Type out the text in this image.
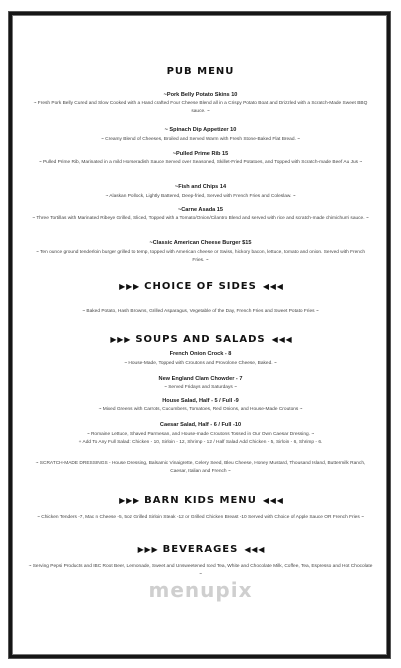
PUB MENU
~Pork Belly Potato Skins 10
~ Fresh Pork Belly Cured and Slow Cooked with a Hand crafted Four Cheese Blend all in a Crispy Potato Boat and Drizzled with a Scratch-Made Sweet BBQ sauce. ~
~ Spinach Dip Appetizer 10
~ Creamy Blend of Cheeses, Broiled and Served Warm with Fresh Stone-Baked Flat Bread. ~
~Pulled Prime Rib 15
~ Pulled Prime Rib, Marinated in a mild Horseradish Sauce Served over Seasoned, Skillet-Fried Potatoes, and Topped with Scratch-made Beef Au Jus ~
~Fish and Chips 14
~ Alaskan Pollock, Lightly Battered, Deep-fried, Served with French Fries and Coleslaw. ~
~Carne Asada 15
~ Three Tortillas with Marinated Ribeye Grilled, Sliced, Topped with a Tomato/Onion/Cilantro Blend and served with rice and scratch-made chimichurri sauce. ~
~Classic American Cheese Burger $15
~ Ten ounce ground tenderloin burger grilled to temp, topped with American cheese or Swiss, hickory bacon, lettuce, tomato and onion. Served with French Fries. ~
▶ ▶ ▶ CHOICE OF SIDES ◀ ◀ ◀
~ Baked Potato, Hash Browns, Grilled Asparagus, Vegetable of the Day, French Fries and Sweet Potato Fries ~
▶ ▶ ▶ SOUPS AND SALADS ◀ ◀ ◀
French Onion Crock - 8
~ House-Made, Topped with Croutons and Provolone Cheese, Baked. ~
New England Clam Chowder - 7
~ Served Fridays and Saturdays ~
House Salad, Half - 5 / Full -9
~ Mixed Greens with Carrots, Cucumbers, Tomatoes, Red Onions, and House-Made Croutons ~
Caesar Salad, Half - 6 / Full -10
~ Romaine Lettuce, Shaved Parmesan, and House-made Croutons Tossed in Our Own Caesar Dressing. ~
+ Add To Any Full Salad: Chicken - 10, Sirloin - 12, Shrimp - 12 / Half Salad Add Chicken - 5, Sirloin - 6, Shrimp - 6.
~ SCRATCH-MADE DRESSINGS - House Dressing, Balsamic Vinaigrette, Celery Seed, Bleu Cheese, Honey Mustard, Thousand Island, Buttermilk Ranch, Caesar, Italian and French ~
▶ ▶ ▶ BARN KIDS MENU ◀ ◀ ◀
~ Chicken Tenders -7, Mac n Cheese -5, 5oz Grilled Sirloin Steak -12 or Grilled Chicken Breast -10 Served with Choice of Apple Sauce OR French Fries ~
▶ ▶ ▶ BEVERAGES ◀ ◀ ◀
~ Serving Pepsi Products and IBC Root Beer, Lemonade, Sweet and Unsweetened Iced Tea, White and Chocolate Milk, Coffee, Tea, Espresso and Hot Chocolate ~
menupix
